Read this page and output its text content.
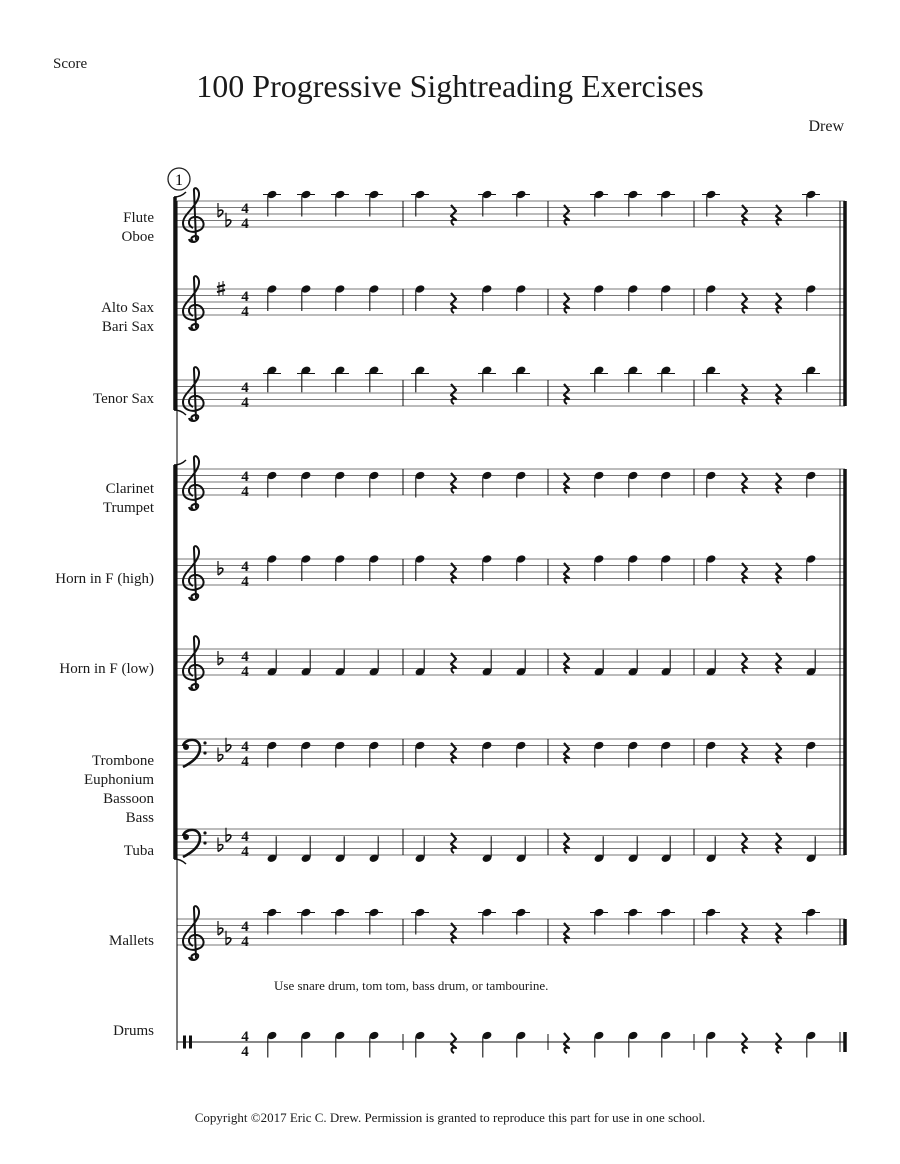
Score
100 Progressive Sightreading Exercises
Drew
Flute
Oboe
Alto Sax
Bari Sax
Tenor Sax
Clarinet
Trumpet
Horn in F (high)
Horn in F (low)
Trombone
Euphonium
Bassoon
Bass
Tuba
Mallets
Drums
1
4
4
4
4
4
4
4
4
4
4
4
4
4
4
4
4
4
4
4
4
Use snare drum, tom tom, bass drum, or tambourine.
Copyright ©2017 Eric C. Drew. Permission is granted to reproduce this part for use in one school.
